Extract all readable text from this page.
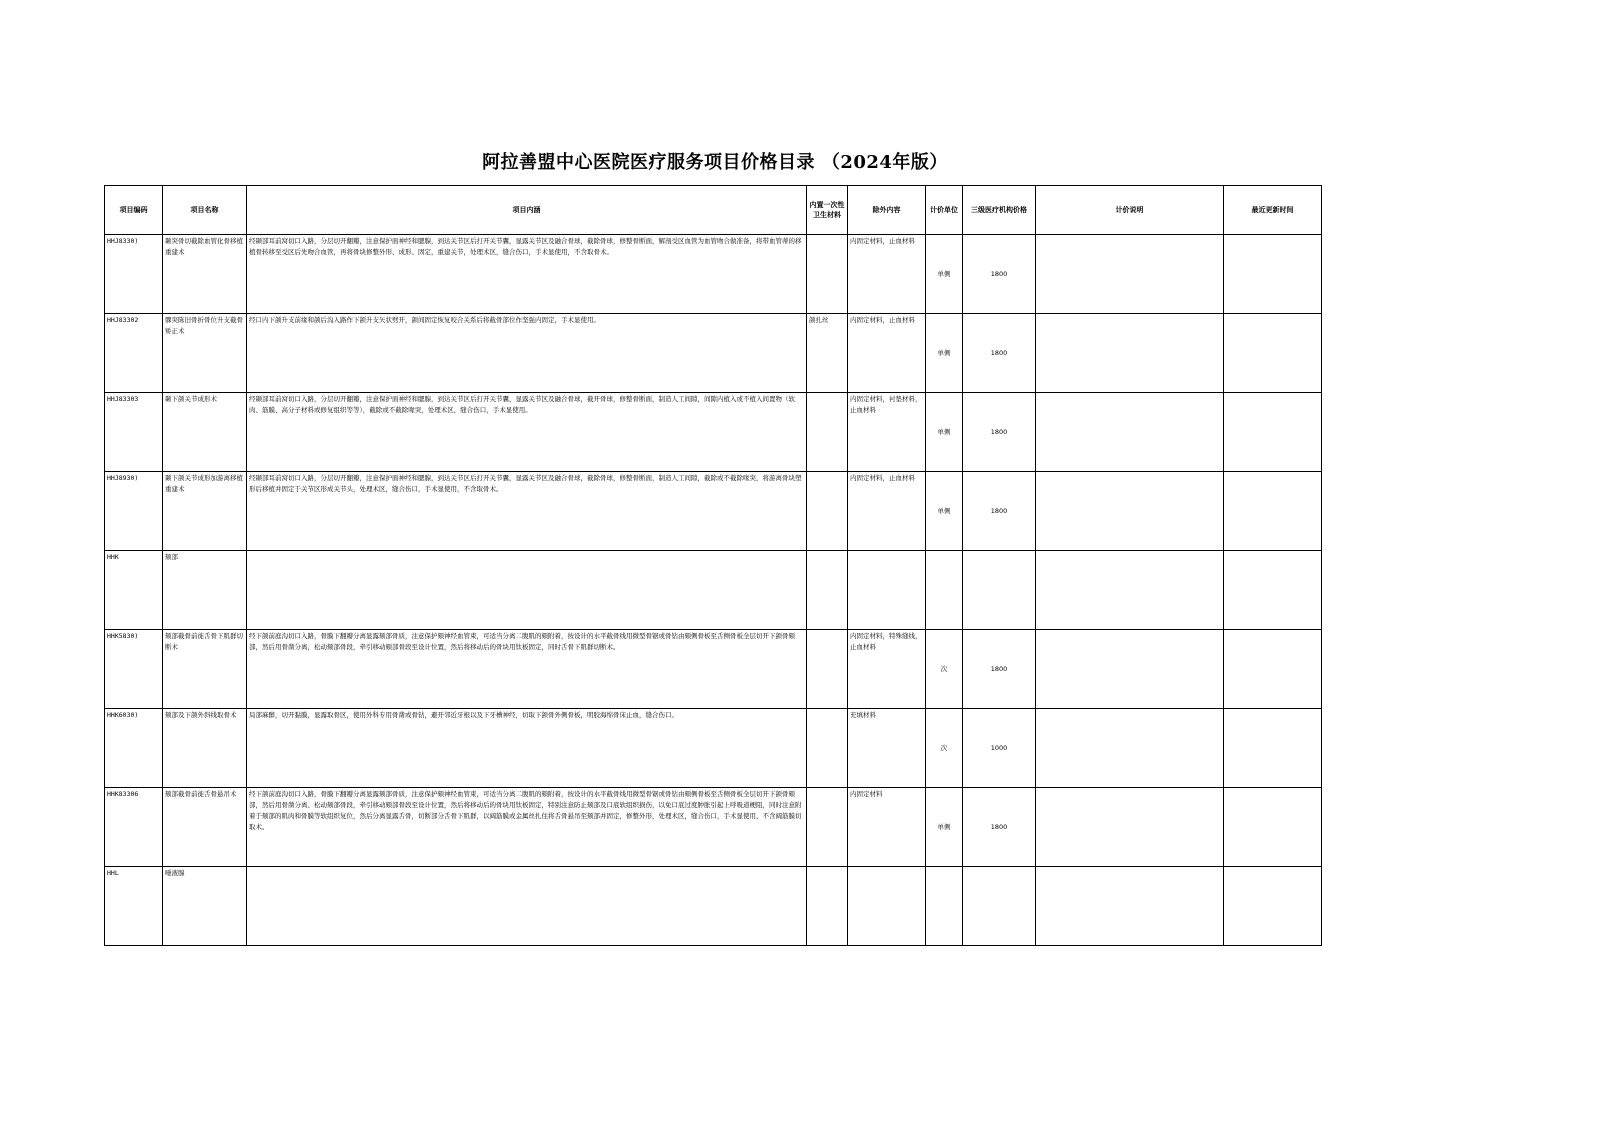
阿拉善盟中心医院医疗服务项目价格目录 （2024年版）
项目编码	项目名称	项目内涵	内置一次性卫生材料	除外内容	计价单位	三级医疗机构价格	计价说明	最近更新时间
HHJ8330)	颞突骨切截除血管化骨移植重建术	经颞部耳前窝切口入路，分层切开翻瓣，注意保护面神经和腮腺，到达关节区后打开关节囊，显露关节区及融合骨球，截除骨球，修整骨断面，解剖受区血管为血管吻合做准备，将带血管蒂的移植骨转移至受区后先吻合血管，再将骨块修整外形、成形、固定，重建关节，处理术区，缝合伤口，手术显使用，不含取骨术。		内固定材料，止血材料	单侧	1800		
HHJ83302	髁突陈旧骨折骨位升支截骨矫正术	经口内下颌升支前缘和颌后沟入路作下颌升支矢状劈开，颌间固定恢复咬合关系后将截骨部位作坚强内固定，手术显使用。	颌扎丝	内固定材料，止血材料	单侧	1800		
HHJ83303	颞下颌关节成形术	经颞部耳前窝切口入路，分层切开翻瓣，注意保护面神经和腮腺，到达关节区后打开关节囊，显露关节区及融合骨球，截开骨球，修整骨断面，制造人工间隙，间隙内植入或不植入间置物（软肉、筋膜、高分子材料或修复组织等等），截除或不截除喙突，处理术区，缝合伤口，手术显使用。		内固定材料，衬垫材料，止血材料	单侧	1800		
HHJ8930)	颞下颌关节成形加游离移植重建术	经颞部耳前窝切口入路，分层切开翻瓣，注意保护面神经和腮腺，到达关节区后打开关节囊，显露关节区及融合骨球，截除骨球，修整骨断面，制造人工间隙，截除或不截除喙突，将游离骨块塑形后移植并固定于关节区形成关节头，处理术区，缝合伤口，手术显使用，不含取骨术。		内固定材料，止血材料	单侧	1800		
HHK	颏部							
HHK5830)	颏部截骨前徙舌骨下肌群切断术	经下颌前庭沟切口入路，骨膜下翻瓣分离显露颏部骨质，注意保护颏神经血管束，可适当分离二腹肌的颏附着，按设计的水平截骨线用微型骨锯或骨钻由颏侧骨板至舌侧骨板全层切开下颌骨颏部，然后用骨凿分离，松动颏部骨段，牵引移动颏部骨段至设计位置，然后将移动后的骨块用钛板固定，同时舌骨下肌群切断术。		内固定材料，特殊缝线，止血材料	次	1800		
HHK6030)	颏部及下颌外斜线取骨术	局部麻醉，切开黏膜，显露取骨区，使用外科专用骨凿或骨钻，避开邻近牙根以及下牙槽神经，切取下颌骨外侧骨板，明胶海绵骨床止血，缝合伤口。		充填材料	次	1000		
HHK83306	颏部截骨前徙舌骨悬吊术	经下颌前庭沟切口入路，骨膜下翻瓣分离显露颏部骨质，注意保护颏神经血管束，可适当分离二腹肌的颏附着，按设计的水平截骨线用微型骨锯或骨钻由颏侧骨板至舌侧骨板全层切开下颌骨颏部，然后用骨凿分离、松动颏部骨段，牵引移动颏部骨段至设计位置，然后将移动后的骨块用钛板固定，特别注意防止颏部及口底软组织损伤，以免口底过度肿胀引起上呼吸道梗阻，同时注意附着于颏部的肌肉和骨膜等软组织复位，然后分离显露舌骨，切断部分舌骨下肌群，以阔筋膜或金属丝扎住将舌骨悬吊至颏部并固定，修整外形，处理术区，缝合伤口，手术显使用，不含阔筋膜切取术。		内固定材料	单侧	1800		
HHL	唾液腺							
